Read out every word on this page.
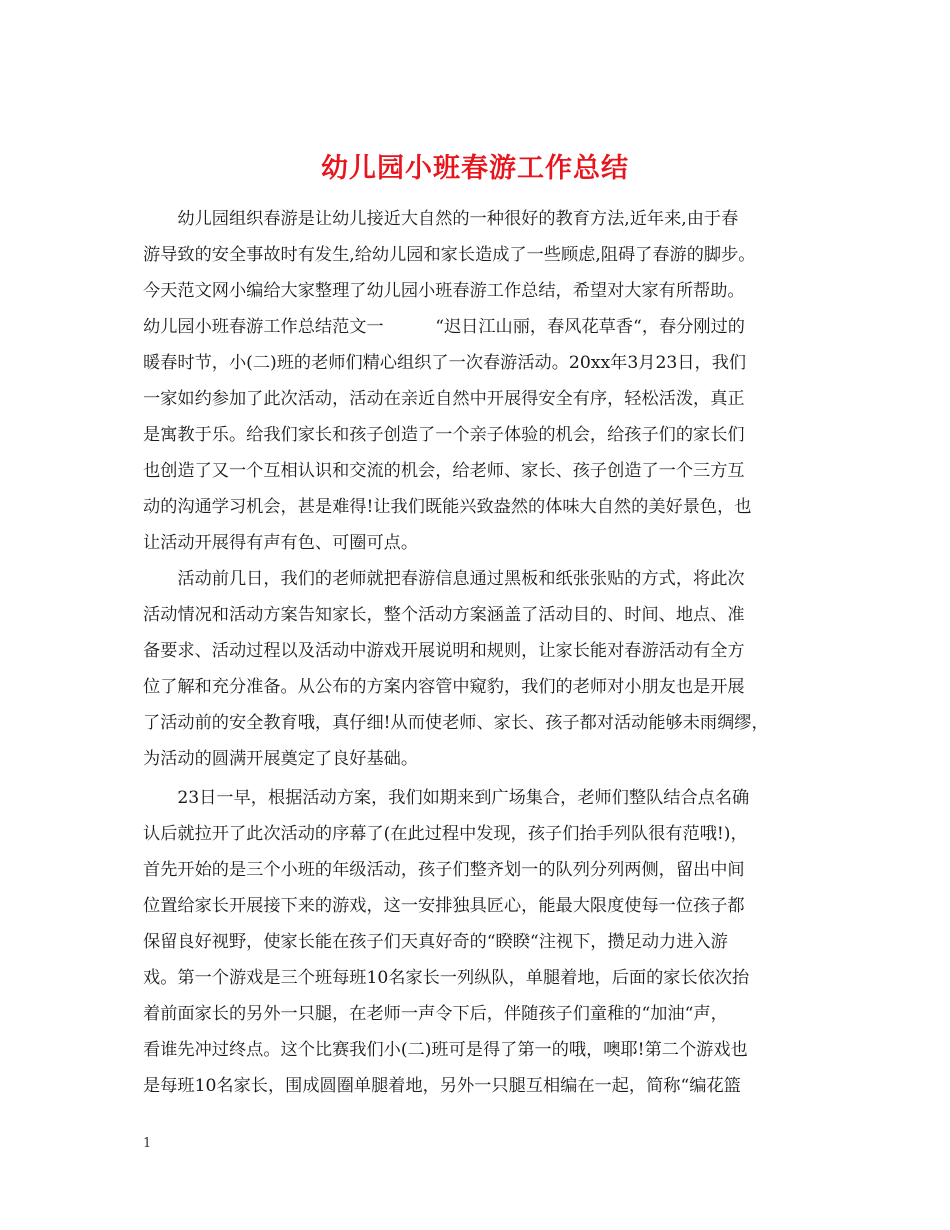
幼儿园小班春游工作总结
　　幼儿园组织春游是让幼儿接近大自然的一种很好的教育方法,近年来,由于春
游导致的安全事故时有发生,给幼儿园和家长造成了一些顾虑,阻碍了春游的脚步。
今天范文网小编给大家整理了幼儿园小班春游工作总结，希望对大家有所帮助。
幼儿园小班春游工作总结范文一　　　“迟日江山丽，春风花草香“，春分刚过的
暖春时节，小(二)班的老师们精心组织了一次春游活动。20xx年3月23日，我们
一家如约参加了此次活动，活动在亲近自然中开展得安全有序，轻松活泼，真正
是寓教于乐。给我们家长和孩子创造了一个亲子体验的机会，给孩子们的家长们
也创造了又一个互相认识和交流的机会，给老师、家长、孩子创造了一个三方互
动的沟通学习机会，甚是难得!让我们既能兴致盎然的体味大自然的美好景色，也
让活动开展得有声有色、可圈可点。
　　活动前几日，我们的老师就把春游信息通过黑板和纸张张贴的方式，将此次
活动情况和活动方案告知家长，整个活动方案涵盖了活动目的、时间、地点、准
备要求、活动过程以及活动中游戏开展说明和规则，让家长能对春游活动有全方
位了解和充分准备。从公布的方案内容管中窥豹，我们的老师对小朋友也是开展
了活动前的安全教育哦，真仔细!从而使老师、家长、孩子都对活动能够未雨绸缪，
为活动的圆满开展奠定了良好基础。
　　23日一早，根据活动方案，我们如期来到广场集合，老师们整队结合点名确
认后就拉开了此次活动的序幕了(在此过程中发现，孩子们抬手列队很有范哦!)，
首先开始的是三个小班的年级活动，孩子们整齐划一的队列分列两侧，留出中间
位置给家长开展接下来的游戏，这一安排独具匠心，能最大限度使每一位孩子都
保留良好视野，使家长能在孩子们天真好奇的“睽睽“注视下，攒足动力进入游
戏。第一个游戏是三个班每班10名家长一列纵队，单腿着地，后面的家长依次抬
着前面家长的另外一只腿，在老师一声令下后，伴随孩子们童稚的“加油“声，
看谁先冲过终点。这个比赛我们小(二)班可是得了第一的哦，噢耶!第二个游戏也
是每班10名家长，围成圆圈单腿着地，另外一只腿互相编在一起，简称“编花篮
1
